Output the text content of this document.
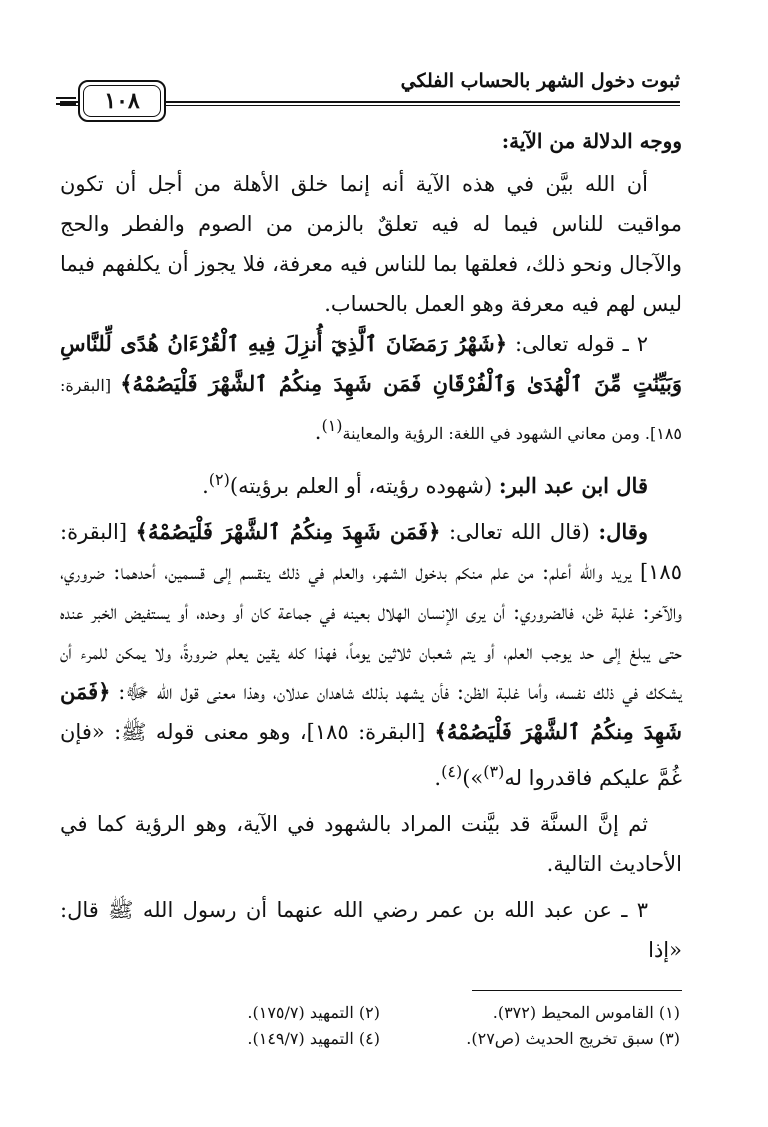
ثبوت دخول الشهر بالحساب الفلكي
١٠٨

ووجه الدلالة من الآية:

أن الله بيَّن في هذه الآية أنه إنما خلق الأهلة من أجل أن تكون مواقيت للناس فيما له فيه تعلقٌ بالزمن من الصوم والفطر والحج والآجال ونحو ذلك، فعلقها بما للناس فيه معرفة، فلا يجوز أن يكلفهم فيما ليس لهم فيه معرفة وهو العمل بالحساب.

٢ ـ قوله تعالى: ﴿شَهْرُ رَمَضَانَ ٱلَّذِيٓ أُنزِلَ فِيهِ ٱلْقُرْءَانُ هُدًى لِّلنَّاسِ وَبَيِّنَٰتٍ مِّنَ ٱلْهُدَىٰ وَٱلْفُرْقَانِ فَمَن شَهِدَ مِنكُمُ ٱلشَّهْرَ فَلْيَصُمْهُ﴾ [البقرة: ١٨٥]. ومن معاني الشهود في اللغة: الرؤية والمعاينة$^{(١)}$.

قال ابن عبد البر: (شهوده رؤيته، أو العلم برؤيته)$^{(٢)}$.

وقال: (قال الله تعالى: ﴿فَمَن شَهِدَ مِنكُمُ ٱلشَّهْرَ فَلْيَصُمْهُ﴾ [البقرة: ١٨٥] يريد والله أعلم: من علم منكم بدخول الشهر، والعلم في ذلك ينقسم إلى قسمين، أحدهما: ضروري، والآخر: غلبة ظن، فالضروري: أن يرى الإنسان الهلال بعينه في جماعة كان أو وحده، أو يستفيض الخبر عنده حتى يبلغ إلى حد يوجب العلم، أو يتم شعبان ثلاثين يوماً، فهذا كله يقين يعلم ضرورةً، ولا يمكن للمرء أن يشكك في ذلك نفسه، وأما غلبة الظن: فأن يشهد بذلك شاهدان عدلان، وهذا معنى قول الله ﷻ: ﴿فَمَن شَهِدَ مِنكُمُ ٱلشَّهْرَ فَلْيَصُمْهُ﴾ [البقرة: ١٨٥]، وهو معنى قوله ﷺ: «فإن غُمَّ عليكم فاقدروا له$^{(٣)}$»)$^{(٤)}$.

ثم إنَّ السنَّة قد بيَّنت المراد بالشهود في الآية، وهو الرؤية كما في الأحاديث التالية.

٣ ـ عن عبد الله بن عمر رضي الله عنهما أن رسول الله ﷺ قال: «إذا

(١) القاموس المحيط (٣٧٢).
(٢) التمهيد (١٧٥/٧).
(٣) سبق تخريج الحديث (ص٢٧).
(٤) التمهيد (١٤٩/٧).
